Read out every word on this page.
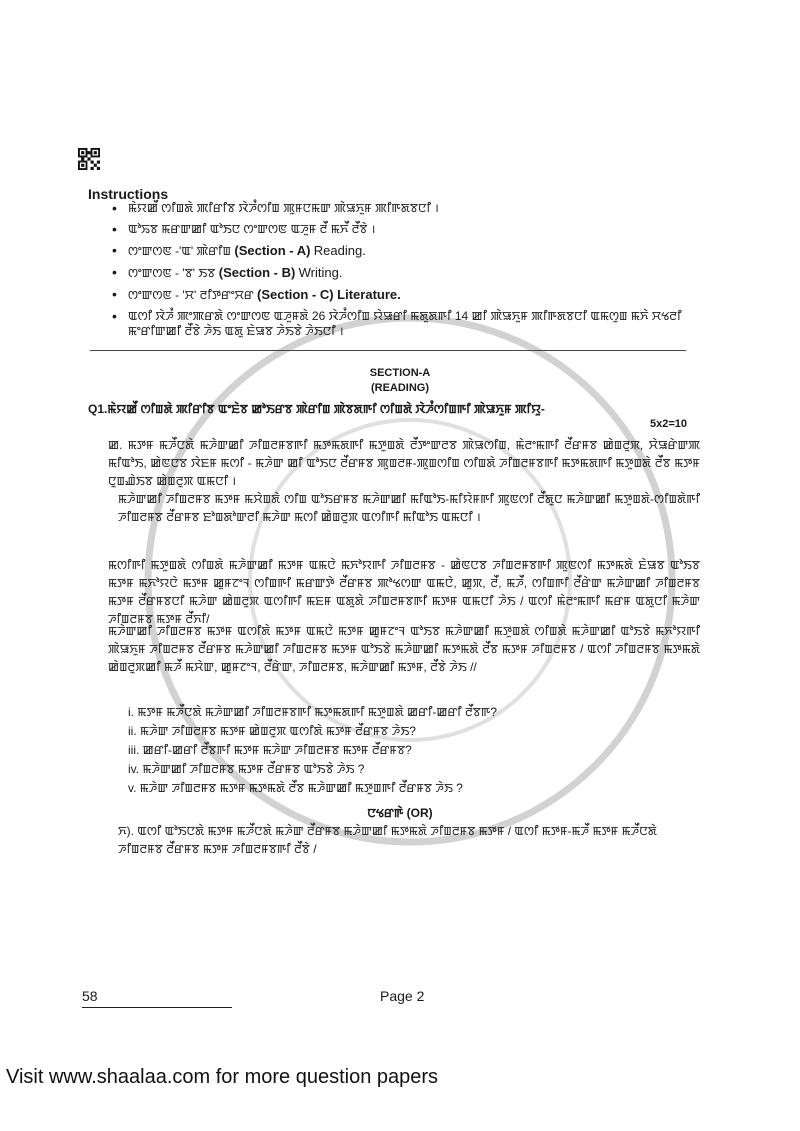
Instructions
• ꯃꯥꯌꯀꯩ ꯁꯤꯡꯗꯥ ꯄꯤꯔꯤꯕ ꯋꯥꯍꯪꯁꯤꯡ ꯄꯨꯝꯅꯃꯛ ꯄꯥꯎꯈꯨꯝ ꯄꯤꯒꯗꯕꯅꯤ ।
• ꯑꯣꯢꯕ ꯃꯔꯛꯀꯤ ꯑꯣꯏꯅ ꯁꯦꯛꯁꯟ ꯑꯍꯨꯝ ꯂꯩ ꯃꯈꯩ ꯂꯩꯕꯥ ।
• ꯁꯦꯛꯁꯟ -'ꯑ' ꯄꯥꯔꯤꯡ (Section - A) Reading.
• ꯁꯦꯛꯁꯟ - 'ꯕ' ꯏꯕ (Section - B) Writing.
• ꯁꯦꯛꯁꯟ - 'ꯆ' ꯂꯤꯇꯔꯦꯆꯔ (Section - C) Literature.
• ꯑꯁꯤ ꯋꯥꯍꯪ ꯄꯦꯄꯔꯗꯥ ꯁꯦꯛꯁꯟ ꯑꯍꯨꯝꯗꯥ 26 ꯋꯥꯍꯪꯁꯤꯡ ꯌꯥꯎꯔꯤ ꯃꯗꯨꯗꯒꯤ 14 ꯀꯤ ꯄꯥꯎꯈꯨꯝ ꯄꯤꯒꯗꯕꯅꯤ ꯑꯃꯁꯨꯡ ꯃꯈꯥ ꯆꯠꯂꯤ ꯃꯦꯔꯤꯛꯀꯤ ꯂꯩꯕꯥ ꯍꯥꯏ ꯑꯗꯨ ꯐꯥꯎꯕ ꯍꯥꯏꯕꯥ ꯍꯥꯏꯅꯤ ।
SECTION-A
(READING)
Q1.ꯃꯥꯌꯀꯩ ꯁꯤꯡꯗꯥ ꯄꯤꯔꯤꯕ ꯑꯦꯐꯥꯕ ꯀꯣꯏꯔꯕ ꯄꯥꯔꯤꯡ ꯄꯥꯕꯗꯒꯤ ꯁꯤꯡꯗꯥ ꯋꯥꯍꯪꯁꯤꯡꯒꯤ ꯄꯥꯎꯈꯨꯝ ꯄꯤꯌꯨ-
5x2=10

ꯀ. ꯃꯇꯝ ꯃꯍꯩꯅꯗꯥ ꯃꯍꯥꯛꯀꯤ ꯍꯤꯡꯂꯝꯕꯒꯤ ꯃꯇꯃꯗꯒꯤ ꯃꯇꯨꯡꯗꯥ ꯂꯩꯇꯦꯛꯂꯕ ꯄꯥꯎꯁꯤꯡ, ꯃꯥꯂꯦꯃꯒꯤ ꯂꯩꯔꯝꯕ ꯀꯥꯡꯂꯨꯞ, ꯆꯥꯎꯔꯥꯛꯄ ꯃꯤꯑꯣꯏ, ꯀꯥꯟꯅꯕ ꯋꯥꯐꯝ ꯃꯁꯤ - ꯃꯍꯥꯛ ꯀꯤ ꯑꯣꯏꯅ ꯂꯩꯔꯝꯕ ꯄꯨꯡꯂꯝ-ꯄꯨꯡꯁꯤꯡ ꯁꯤꯡꯗꯥ ꯍꯤꯡꯂꯝꯕꯒꯤ ꯃꯇꯃꯗꯒꯤ ꯃꯇꯨꯡꯗꯥ ꯂꯩꯕ ꯃꯇꯝ ꯅꯨꯡꯉꯥꯏꯕ ꯀꯥꯡꯂꯨꯞ ꯑꯃꯅꯤ ।

ꯃꯍꯥꯛꯀꯤ ꯍꯤꯡꯂꯝꯕ ꯃꯇꯝ ꯃꯆꯥꯡꯗꯥ ꯁꯤꯡ ꯑꯣꯏꯔꯝꯕ ꯃꯍꯥꯛꯀꯤ ꯃꯤꯑꯣꯏ-ꯃꯤꯌꯥꯝꯒꯤ ꯄꯨꯟꯁꯤ ꯂꯩꯗꯨꯅ ꯃꯍꯥꯛꯀꯤ ꯃꯇꯨꯡꯗꯥ-ꯁꯤꯡꯗꯥꯒꯤ ꯍꯤꯡꯂꯝꯕ ꯂꯩꯔꯝꯕ ꯐꯣꯡꯗꯣꯛꯂꯤ ꯃꯍꯥꯛ ꯃꯁꯤ ꯀꯥꯡꯂꯨꯞ ꯑꯁꯤꯒꯤ ꯃꯤꯑꯣꯏ ꯑꯃꯅꯤ ।

ꯃꯁꯤꯒꯤ ꯃꯇꯨꯡꯗꯥ ꯁꯤꯡꯗꯥ ꯃꯍꯥꯛꯀꯤ ꯃꯇꯝ ꯑꯃꯅꯥ ꯃꯈꯣꯌꯒꯤ ꯍꯤꯡꯂꯝꯕ - ꯀꯥꯟꯅꯕ ꯍꯤꯡꯂꯝꯕꯒꯤ ꯄꯨꯟꯁꯤ ꯃꯇꯃꯗꯥ ꯐꯥꯎꯕ ꯑꯣꯏꯕ ꯃꯇꯝ ꯃꯈꯣꯌꯅꯥ ꯃꯇꯝ ꯀꯨꯝꯖꯦꯜ ꯁꯤꯡꯒꯤ ꯃꯔꯛꯇꯥ ꯂꯩꯔꯝꯕ ꯄꯣꯠꯁꯛ ꯑꯃꯅꯥ, ꯀꯨꯞ, ꯂꯩ, ꯃꯍꯩ, ꯁꯤꯡꯒꯤ ꯂꯩꯔꯥꯛ ꯃꯍꯥꯛꯀꯤ ꯍꯤꯡꯂꯝꯕ ꯃꯇꯝ ꯂꯩꯔꯝꯕꯅꯤ ꯃꯍꯥꯛ ꯀꯥꯡꯂꯨꯞ ꯑꯁꯤꯒꯤ ꯃꯐꯝ ꯑꯗꯨꯗꯥ ꯍꯤꯡꯂꯝꯕꯒꯤ ꯃꯇꯝ ꯑꯃꯅꯤ ꯍꯥꯏ / ꯑꯁꯤ ꯃꯥꯂꯦꯃꯒꯤ ꯃꯔꯝ ꯑꯗꯨꯅꯤ ꯃꯍꯥꯛ ꯍꯤꯡꯂꯝꯕ ꯃꯇꯝ ꯂꯩꯈꯤ/

ꯃꯍꯥꯛꯀꯤ ꯍꯤꯡꯂꯝꯕ ꯃꯇꯝ ꯑꯁꯤꯗꯥ ꯃꯇꯝ ꯑꯃꯅꯥ ꯃꯇꯝ ꯀꯨꯝꯖꯦꯜ ꯑꯣꯏꯕ ꯃꯍꯥꯛꯀꯤ ꯃꯇꯨꯡꯗꯥ ꯁꯤꯡꯗꯥ ꯃꯍꯥꯛꯀꯤ ꯑꯣꯏꯕꯥ ꯃꯈꯣꯌꯒꯤ ꯄꯥꯎꯈꯨꯝ ꯍꯤꯡꯂꯝꯕ ꯂꯩꯔꯝꯕ ꯃꯍꯥꯛꯀꯤ ꯍꯤꯡꯂꯝꯕ ꯃꯇꯝ ꯑꯣꯏꯕꯥ ꯃꯍꯥꯛꯀꯤ ꯃꯇꯃꯗꯥ ꯂꯩꯕ ꯃꯇꯝ ꯍꯤꯡꯂꯝꯕ / ꯑꯁꯤ ꯍꯤꯡꯂꯝꯕ ꯃꯇꯃꯗꯥ ꯀꯥꯡꯂꯨꯞꯀꯤ ꯃꯍꯩ ꯃꯆꯥꯛ, ꯀꯨꯝꯖꯦꯜ, ꯂꯩꯔꯥꯛ, ꯍꯤꯡꯂꯝꯕ, ꯃꯍꯥꯛꯀꯤ ꯃꯇꯝ, ꯂꯩꯕꯥ ꯍꯥꯏ //

i. ꯃꯇꯝ ꯃꯍꯩꯅꯗꯥ ꯃꯍꯥꯛꯀꯤ ꯍꯤꯡꯂꯝꯕꯒꯤ ꯃꯇꯃꯗꯒꯤ ꯃꯇꯨꯡꯗꯥ ꯀꯔꯤ-ꯀꯔꯤ ꯂꯩꯕꯒ?
ii. ꯃꯍꯥꯛ ꯍꯤꯡꯂꯝꯕ ꯃꯇꯝ ꯀꯥꯡꯂꯨꯞ ꯑꯁꯤꯗꯥ ꯃꯇꯝ ꯂꯩꯔꯝꯕ ꯍꯥꯏ?
iii. ꯀꯔꯤ-ꯀꯔꯤ ꯂꯩꯕꯒꯤ ꯃꯇꯝ ꯃꯍꯥꯛ ꯍꯤꯡꯂꯝꯕ ꯃꯇꯝ ꯂꯩꯔꯝꯕ?
iv. ꯃꯍꯥꯛꯀꯤ ꯍꯤꯡꯂꯝꯕ ꯃꯇꯝ ꯂꯩꯔꯝꯕ ꯑꯣꯏꯕꯥ ꯍꯥꯏ ?
v. ꯃꯍꯥꯛ ꯍꯤꯡꯂꯝꯕ ꯃꯇꯝ ꯃꯇꯃꯗꯥ ꯂꯩꯕ ꯃꯍꯥꯛꯀꯤ ꯃꯇꯨꯡꯒꯤ ꯂꯩꯔꯝꯕ ꯍꯥꯏ ?
ꯅꯠꯔꯒꯥ (OR)

ꯈ). ꯑꯁꯤ ꯑꯣꯏꯅꯗꯥ ꯃꯇꯝ ꯃꯍꯩꯅꯗꯥ ꯃꯍꯥꯛ ꯂꯩꯔꯝꯕ ꯃꯍꯥꯛꯀꯤ ꯃꯇꯃꯗꯥ ꯍꯤꯡꯂꯝꯕ ꯃꯇꯝ / ꯑꯁꯤ ꯃꯇꯝ-ꯃꯍꯩ ꯃꯇꯝ ꯃꯍꯩꯅꯗꯥ ꯍꯤꯡꯂꯝꯕ ꯂꯩꯔꯝꯕ ꯃꯇꯝ ꯍꯤꯡꯂꯝꯕꯒꯤ ꯂꯩꯕꯥ /

58	Page 2
Visit www.shaalaa.com for more question papers
